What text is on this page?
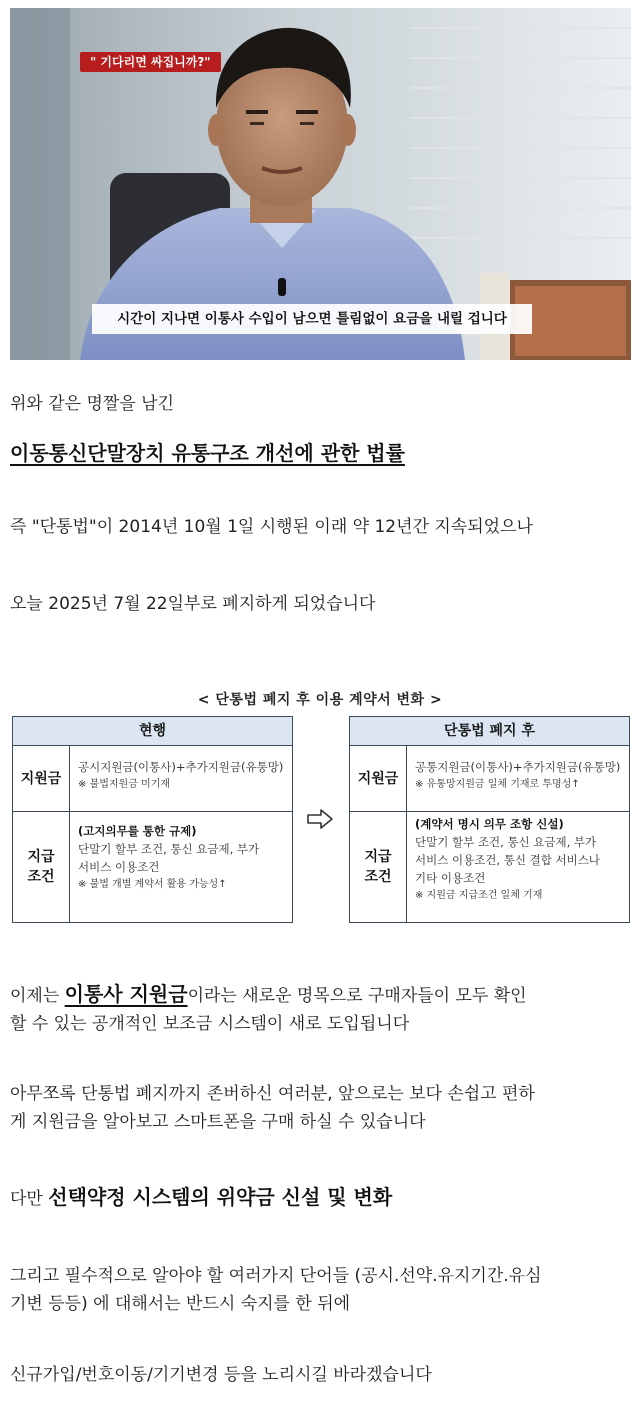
" 기다리면 싸집니까?"
시간이 지나면 이통사 수입이 남으면 틀림없이 요금을 내릴 겁니다
위와 같은 명짤을 남긴
이동통신단말장치 유통구조 개선에 관한 법률
즉 "단통법"이 2014년 10월 1일 시행된 이래 약 12년간 지속되었으나
오늘 2025년 7월 22일부로 폐지하게 되었습니다
< 단통법 폐지 후 이용 계약서 변화 >
현행
지원금
공시지원금(이통사)+추가지원금(유통망)
※ 불법지원금 미기재
지급
조건
(고지의무를 통한 규제)
단말기 할부 조건, 통신 요금제, 부가
서비스 이용조건
※ 불법 개별 계약서 활용 가능성↑
단통법 폐지 후
지원금
공통지원금(이통사)+추가지원금(유통망)
※ 유통망지원금 일체 기재로 투명성↑
지급
조건
(계약서 명시 의무 조항 신설)
단말기 할부 조건, 통신 요금제, 부가
서비스 이용조건, 통신 결합 서비스나
기타 이용조건
※ 지원금 지급조건 일체 기재
이제는 이통사 지원금이라는 새로운 명목으로 구매자들이 모두 확인
할 수 있는 공개적인 보조금 시스템이 새로 도입됩니다
아무쪼록 단통법 폐지까지 존버하신 여러분, 앞으로는 보다 손쉽고 편하
게 지원금을 알아보고 스마트폰을 구매 하실 수 있습니다
다만 선택약정 시스템의 위약금 신설 및 변화
그리고 필수적으로 알아야 할 여러가지 단어들 (공시.선약.유지기간.유심
기변 등등) 에 대해서는 반드시 숙지를 한 뒤에
신규가입/번호이동/기기변경 등을 노리시길 바라겠습니다
